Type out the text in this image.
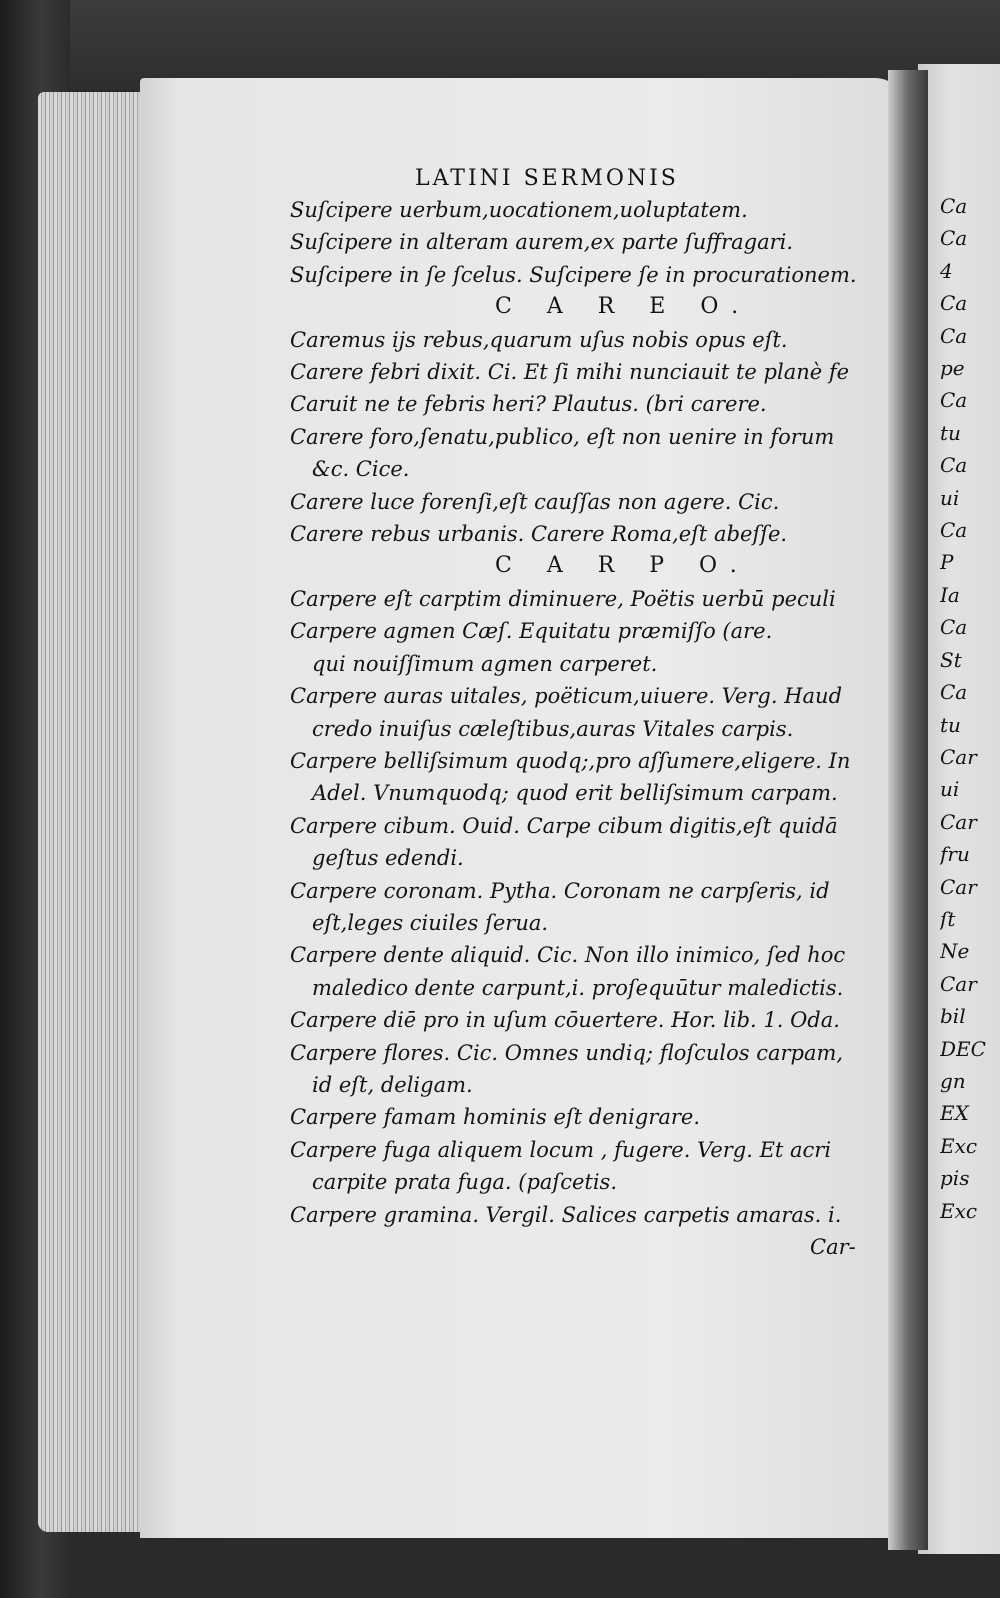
LATINI SERMONIS
Suſcipere uerbum,uocationem,uoluptatem.
Suſcipere in alteram aurem,ex parte ſuffragari.
Suſcipere in ſe ſcelus. Suſcipere ſe in procurationem.
C A R E O.
Caremus ijs rebus,quarum uſus nobis opus eſt.
Carere febri dixit. Ci. Et ſi mihi nunciauit te planè fe
Caruit ne te febris heri? Plautus. (bri carere.
Carere foro,ſenatu,publico, eſt non uenire in forum
&c. Cice.
Carere luce forenſi,eſt cauſſas non agere. Cic.
Carere rebus urbanis. Carere Roma,eſt abeſſe.
C A R P O.
Carpere eſt carptim diminuere, Poëtis uerbū peculi
Carpere agmen Cæſ. Equitatu præmiſſo (are.
qui nouiſſimum agmen carperet.
Carpere auras uitales, poëticum,uiuere. Verg. Haud
credo inuiſus cæleſtibus,auras Vitales carpis.
Carpere belliſsimum quodq;,pro aſſumere,eligere. In
Adel. Vnumquodq; quod erit belliſsimum carpam.
Carpere cibum. Ouid. Carpe cibum digitis,eſt quidā
geſtus edendi.
Carpere coronam. Pytha. Coronam ne carpſeris, id
eſt,leges ciuiles ſerua.
Carpere dente aliquid. Cic. Non illo inimico, ſed hoc
maledico dente carpunt,i. proſequūtur maledictis.
Carpere diē pro in uſum cōuertere. Hor. lib. 1. Oda.
Carpere flores. Cic. Omnes undiq; floſculos carpam,
id eſt, deligam.
Carpere famam hominis eſt denigrare.
Carpere fuga aliquem locum , fugere. Verg. Et acri
carpite prata fuga. (paſcetis.
Carpere gramina. Vergil. Salices carpetis amaras. i.
Car-
Ca
Ca
4
Ca
Ca
pe
Ca
tu
Ca
ui
Ca
P
Ia
Ca
St
Ca
tu
Car
ui
Car
fru
Car
ſt
Ne
Car
bil
DEC
gn
EX
Exc
pis
Exc
